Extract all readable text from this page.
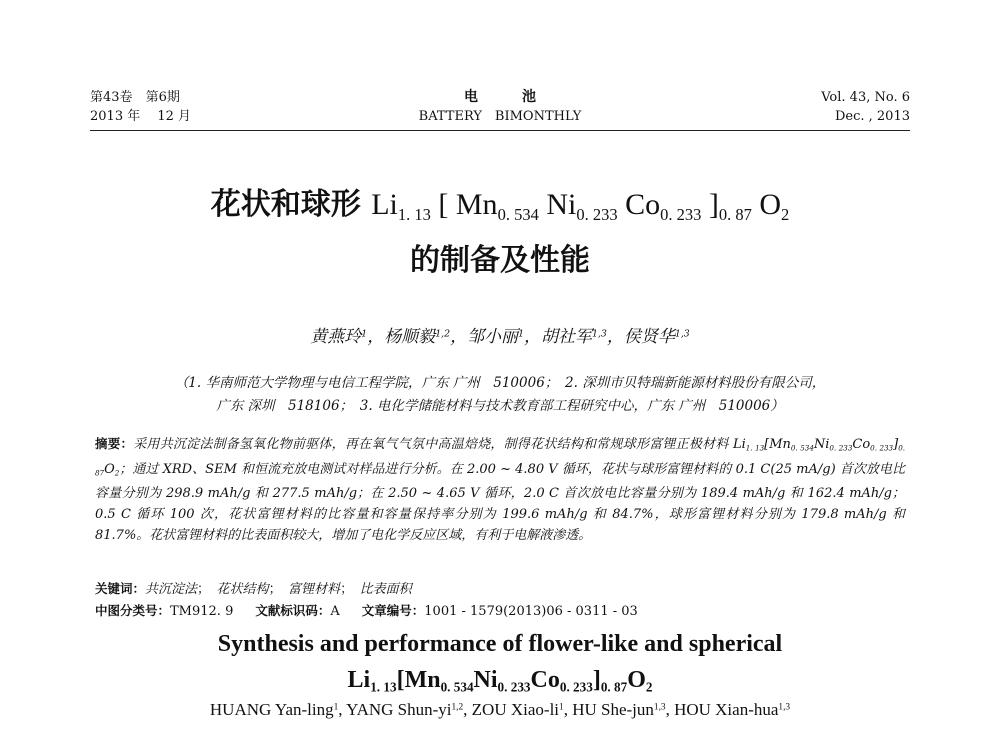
第43卷　 第6期
2013 年　 12 月
电池
BATTERY　BIMONTHLY
Vol. 43, No. 6
Dec. , 2013
花状和球形 $Li_{1. 13}$ [ $Mn_{0. 534}$ $Ni_{0. 233}$ $Co_{0. 233}$ ]$_{0. 87}$ $O_2$
的制备及性能
黄燕玲$^1$，杨顺毅$^{1,2}$，邹小丽$^1$，胡社军$^{1,3}$，侯贤华$^{1,3}$
（1. 华南师范大学物理与电信工程学院，广东 广州　510006；　2. 深圳市贝特瑞新能源材料股份有限公司，
广东 深圳　518106；　3. 电化学储能材料与技术教育部工程研究中心，广东 广州　510006）
摘要：采用共沉淀法制备氢氧化物前驱体，再在氧气气氛中高温焙烧，制得花状结构和常规球形富锂正极材料 $Li_{1. 13}[Mn_{0. 534}Ni_{0. 233}Co_{0. 233}]_{0. 87}O_2$；通过 XRD、SEM 和恒流充放电测试对样品进行分析。在 2.00 ~ 4.80 V 循环，花状与球形富锂材料的 0.1 C(25 mA/g) 首次放电比容量分别为 298.9 mAh/g 和 277.5 mAh/g；在 2.50 ~ 4.65 V 循环，2.0 C 首次放电比容量分别为 189.4 mAh/g 和 162.4 mAh/g；0.5 C 循环 100 次，花状富锂材料的比容量和容量保持率分别为 199.6 mAh/g 和 84.7%，球形富锂材料分别为 179.8 mAh/g 和 81.7%。花状富锂材料的比表面积较大，增加了电化学反应区域，有利于电解液渗透。
关键词：共沉淀法；　花状结构；　富锂材料；　比表面积
中图分类号：TM912. 9 文献标识码：A 文章编号：1001 - 1579(2013)06 - 0311 - 03
Synthesis and performance of flower-like and spherical
$Li_{1. 13}[Mn_{0. 534}Ni_{0. 233}Co_{0. 233}]_{0. 87}O_2$
HUANG Yan-ling$^1$, YANG Shun-yi$^{1,2}$, ZOU Xiao-$li^1$, HU She-jun$^{1,3}$, HOU Xian-hua$^{1,3}$
